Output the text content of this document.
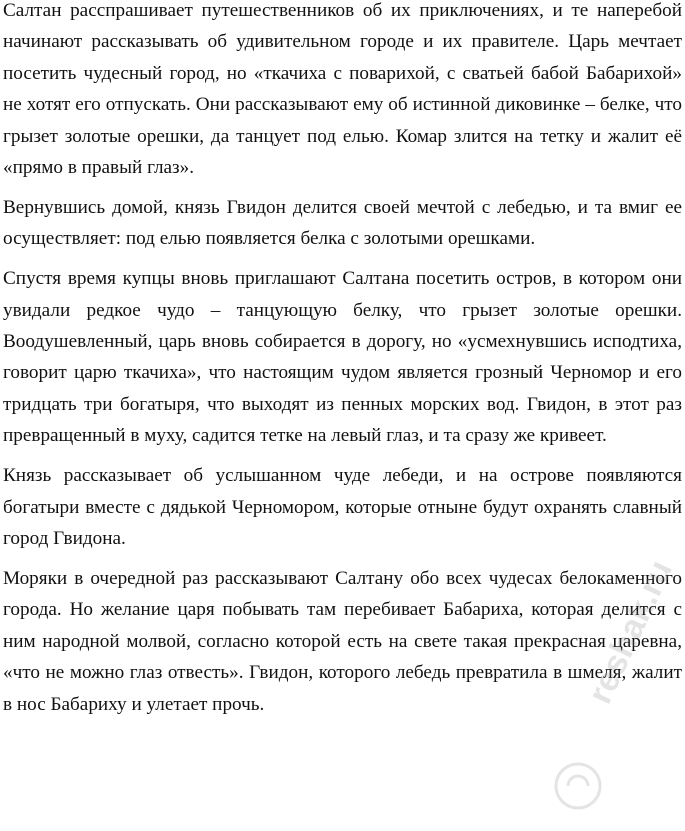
Салтан расспрашивает путешественников об их приключениях, и те наперебой начинают рассказывать об удивительном городе и их правителе. Царь мечтает посетить чудесный город, но «ткачиха с поварихой, с сватьей бабой Бабарихой» не хотят его отпускать. Они рассказывают ему об истинной диковинке – белке, что грызет золотые орешки, да танцует под елью. Комар злится на тетку и жалит её «прямо в правый глаз».

Вернувшись домой, князь Гвидон делится своей мечтой с лебедью, и та вмиг ее осуществляет: под елью появляется белка с золотыми орешками.

Спустя время купцы вновь приглашают Салтана посетить остров, в котором они увидали редкое чудо – танцующую белку, что грызет золотые орешки. Воодушевленный, царь вновь собирается в дорогу, но «усмехнувшись исподтиха, говорит царю ткачиха», что настоящим чудом является грозный Черномор и его тридцать три богатыря, что выходят из пенных морских вод. Гвидон, в этот раз превращенный в муху, садится тетке на левый глаз, и та сразу же кривеет.

Князь рассказывает об услышанном чуде лебеди, и на острове появляются богатыри вместе с дядькой Черномором, которые отныне будут охранять славный город Гвидона.

Моряки в очередной раз рассказывают Салтану обо всех чудесах белокаменного города. Но желание царя побывать там перебивает Бабариха, которая делится с ним народной молвой, согласно которой есть на свете такая прекрасная царевна, «что не можно глаз отвесть». Гвидон, которого лебедь превратила в шмеля, жалит в нос Бабариху и улетает прочь.	reshak.ru
